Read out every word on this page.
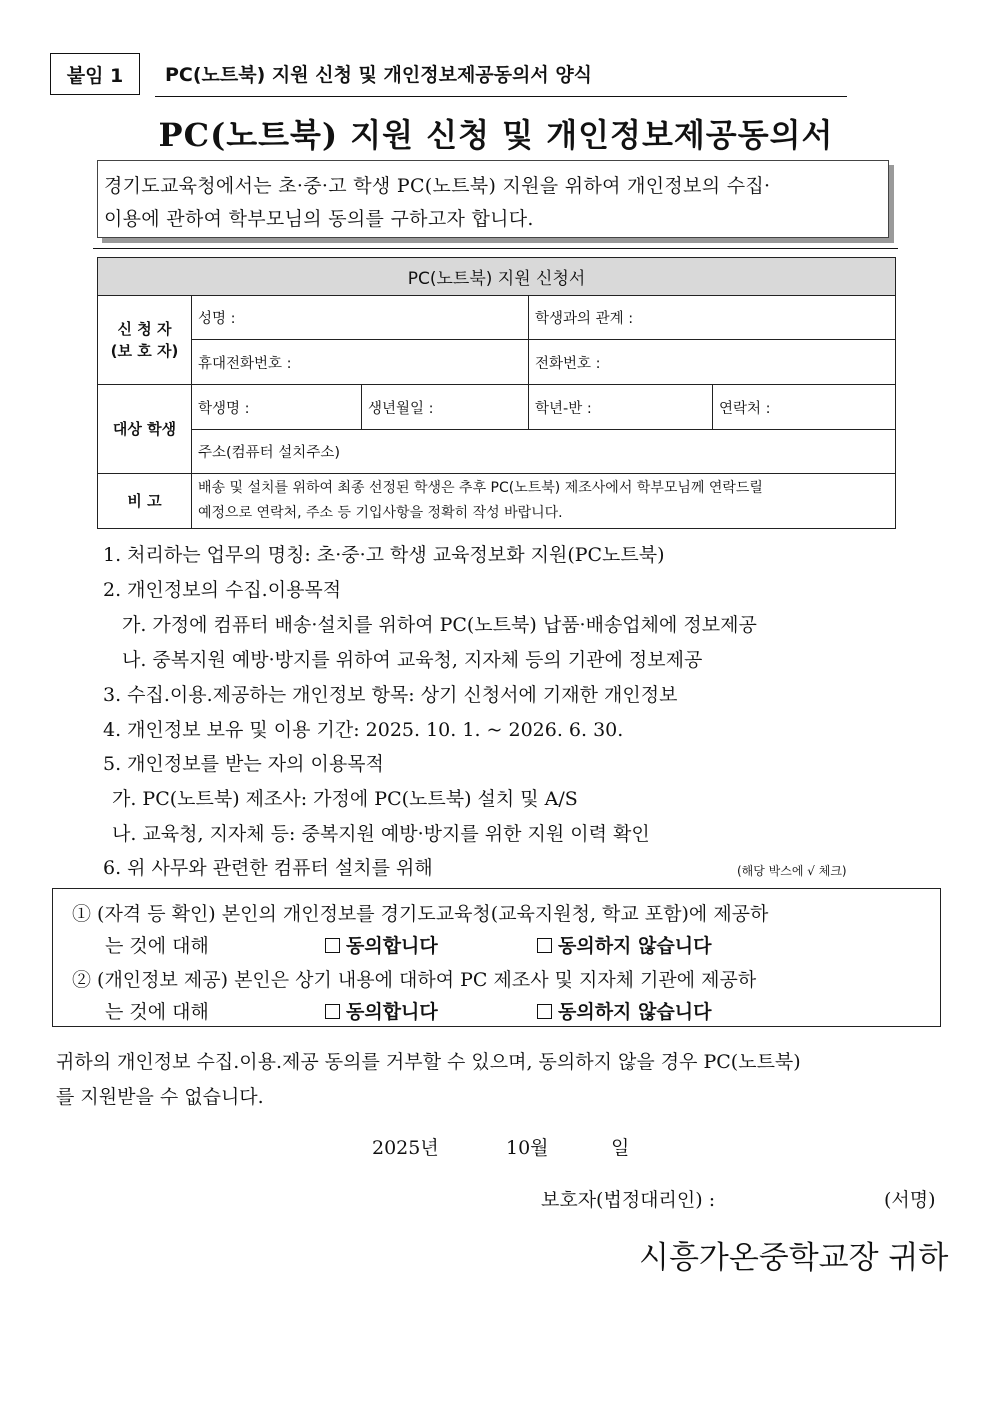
붙임 1	PC(노트북) 지원 신청 및 개인정보제공동의서 양식
PC(노트북) 지원 신청 및 개인정보제공동의서
경기도교육청에서는 초·중·고 학생 PC(노트북) 지원을 위하여 개인정보의 수집·
이용에 관하여 학부모님의 동의를 구하고자 합니다.
PC(노트북) 지원 신청서				

신 청 자
(보 호 자)	성명 :		학생과의 관계 :	
	휴대전화번호 :		전화번호 :	
대상 학생	학생명 :	생년월일 :	학년-반 :	연락처 :
	주소(컴퓨터 설치주소)			
비 고	배송 및 설치를 위하여 최종 선정된 학생은 추후 PC(노트북) 제조사에서 학부모님께 연락드릴
예정으로 연락처, 주소 등 기입사항을 정확히 작성 바랍니다.			
1. 처리하는 업무의 명칭: 초·중·고 학생 교육정보화 지원(PC노트북)
2. 개인정보의 수집.이용목적
가. 가정에 컴퓨터 배송·설치를 위하여 PC(노트북) 납품·배송업체에 정보제공
나. 중복지원 예방·방지를 위하여 교육청, 지자체 등의 기관에 정보제공
3. 수집.이용.제공하는 개인정보 항목: 상기 신청서에 기재한 개인정보
4. 개인정보 보유 및 이용 기간: 2025. 10. 1. ~ 2026. 6. 30.
5. 개인정보를 받는 자의 이용목적
가. PC(노트북) 제조사: 가정에 PC(노트북) 설치 및 A/S
나. 교육청, 지자체 등: 중복지원 예방·방지를 위한 지원 이력 확인
6. 위 사무와 관련한 컴퓨터 설치를 위해	(해당 박스에 √ 체크)
① (자격 등 확인) 본인의 개인정보를 경기도교육청(교육지원청, 학교 포함)에 제공하
는 것에 대해	동의합니다	동의하지 않습니다
② (개인정보 제공) 본인은 상기 내용에 대하여 PC 제조사 및 지자체 기관에 제공하
는 것에 대해	동의합니다	동의하지 않습니다
귀하의 개인정보 수집.이용.제공 동의를 거부할 수 있으며, 동의하지 않을 경우 PC(노트북)
를 지원받을 수 없습니다.
2025년	10월	일
보호자(법정대리인) :	(서명)
시흥가온중학교장 귀하
